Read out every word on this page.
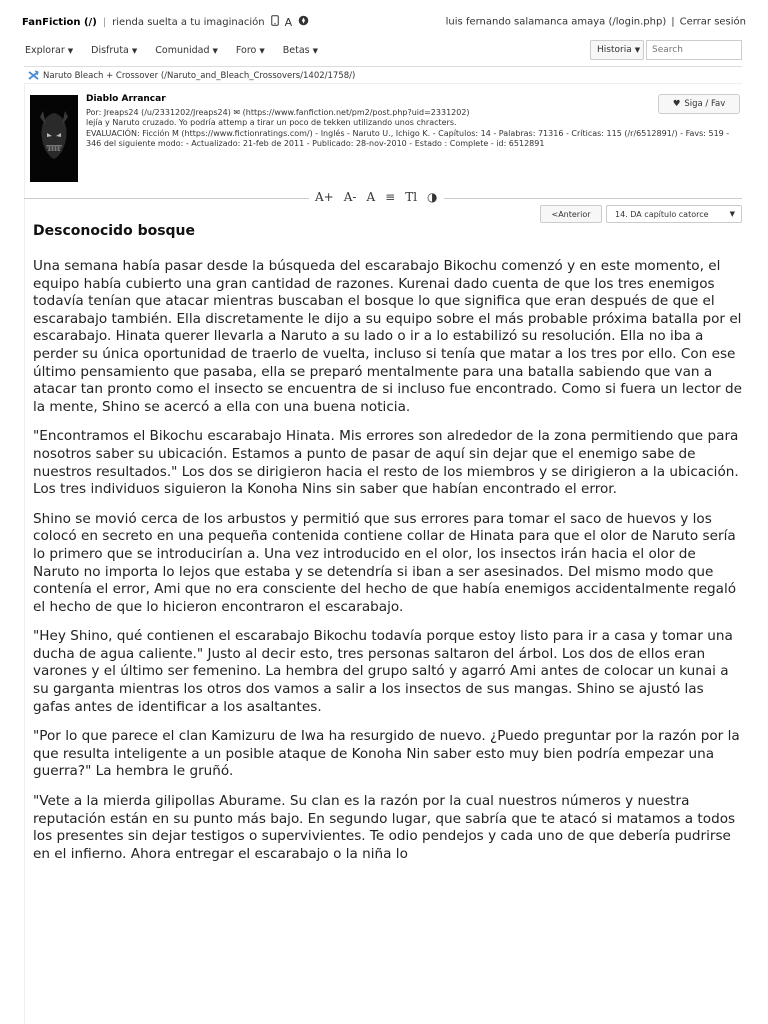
FanFiction (/) | rienda suelta a tu imaginación A	luis fernando salamanca amaya (/login.php) | Cerrar sesión
Explorar ▼ Disfruta ▼ Comunidad ▼ Foro ▼ Betas ▼	Historia ▼
Search
Naruto Bleach + Crossover (/Naruto_and_Bleach_Crossovers/1402/1758/)
Diablo Arrancar
Por: Jreaps24 (/u/2331202/Jreaps24) ✉ (https://www.fanfiction.net/pm2/post.php?uid=2331202)
lejía y Naruto cruzado. Yo podría attemp a tirar un poco de tekken utilizando unos chracters.
EVALUACIÓN: Ficción M (https://www.fictionratings.com/) - Inglés - Naruto U., Ichigo K. - Capítulos: 14 - Palabras: 71316 - Críticas: 115 (/r/6512891/) - Favs: 519 - 346 del siguiente modo: - Actualizado: 21-feb de 2011 - Publicado: 28-nov-2010 - Estado : Complete - id: 6512891
♥ Siga / Fav
A+ A- A ≡ Tl ◑
<Anterior	14. DA capítulo catorce	▼
Desconocido bosque

Una semana había pasar desde la búsqueda del escarabajo Bikochu comenzó y en este momento, el equipo había cubierto una gran cantidad de razones. Kurenai dado cuenta de que los tres enemigos todavía tenían que atacar mientras buscaban el bosque lo que significa que eran después de que el escarabajo también. Ella discretamente le dijo a su equipo sobre el más probable próxima batalla por el escarabajo. Hinata querer llevarla a Naruto a su lado o ir a lo estabilizó su resolución. Ella no iba a perder su única oportunidad de traerlo de vuelta, incluso si tenía que matar a los tres por ello. Con ese último pensamiento que pasaba, ella se preparó mentalmente para una batalla sabiendo que van a atacar tan pronto como el insecto se encuentra de si incluso fue encontrado. Como si fuera un lector de la mente, Shino se acercó a ella con una buena noticia.

"Encontramos el Bikochu escarabajo Hinata. Mis errores son alrededor de la zona permitiendo que para nosotros saber su ubicación. Estamos a punto de pasar de aquí sin dejar que el enemigo sabe de nuestros resultados." Los dos se dirigieron hacia el resto de los miembros y se dirigieron a la ubicación. Los tres individuos siguieron la Konoha Nins sin saber que habían encontrado el error.

Shino se movió cerca de los arbustos y permitió que sus errores para tomar el saco de huevos y los colocó en secreto en una pequeña contenida contiene collar de Hinata para que el olor de Naruto sería lo primero que se introducirían a. Una vez introducido en el olor, los insectos irán hacia el olor de Naruto no importa lo lejos que estaba y se detendría si iban a ser asesinados. Del mismo modo que contenía el error, Ami que no era consciente del hecho de que había enemigos accidentalmente regaló el hecho de que lo hicieron encontraron el escarabajo.

"Hey Shino, qué contienen el escarabajo Bikochu todavía porque estoy listo para ir a casa y tomar una ducha de agua caliente." Justo al decir esto, tres personas saltaron del árbol. Los dos de ellos eran varones y el último ser femenino. La hembra del grupo saltó y agarró Ami antes de colocar un kunai a su garganta mientras los otros dos vamos a salir a los insectos de sus mangas. Shino se ajustó las gafas antes de identificar a los asaltantes.

"Por lo que parece el clan Kamizuru de Iwa ha resurgido de nuevo. ¿Puedo preguntar por la razón por la que resulta inteligente a un posible ataque de Konoha Nin saber esto muy bien podría empezar una guerra?" La hembra le gruñó.

"Vete a la mierda gilipollas Aburame. Su clan es la razón por la cual nuestros números y nuestra reputación están en su punto más bajo. En segundo lugar, que sabría que te atacó si matamos a todos los presentes sin dejar testigos o supervivientes. Te odio pendejos y cada uno de que debería pudrirse en el infierno. Ahora entregar el escarabajo o la niña lo
